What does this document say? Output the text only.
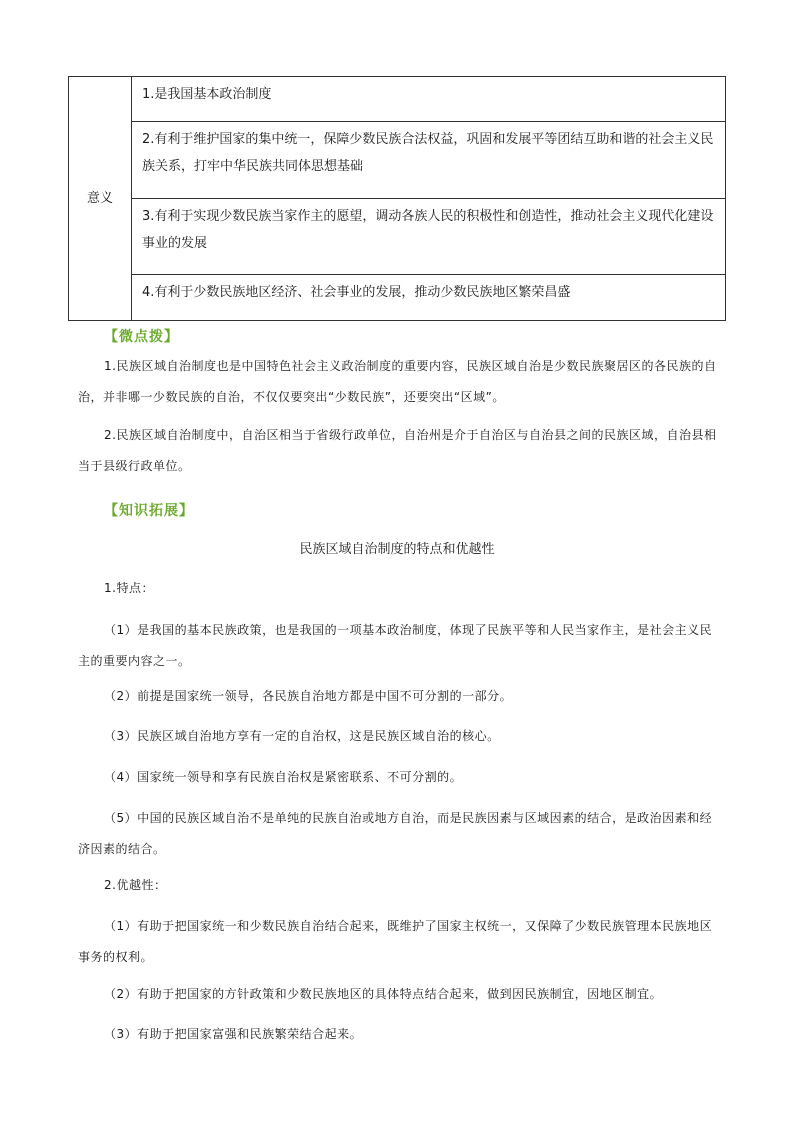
意义	1.是我国基本政治制度
2.有利于维护国家的集中统一，保障少数民族合法权益，巩固和发展平等团结互助和谐的社会主义民族关系，打牢中华民族共同体思想基础
3.有利于实现少数民族当家作主的愿望，调动各族人民的积极性和创造性，推动社会主义现代化建设事业的发展
4.有利于少数民族地区经济、社会事业的发展，推动少数民族地区繁荣昌盛
【微点拨】

1.民族区域自治制度也是中国特色社会主义政治制度的重要内容，民族区域自治是少数民族聚居区的各民族的自治，并非哪一少数民族的自治，不仅仅要突出“少数民族”，还要突出“区域”。

2.民族区域自治制度中，自治区相当于省级行政单位，自治州是介于自治区与自治县之间的民族区域，自治县相当于县级行政单位。

【知识拓展】
民族区域自治制度的特点和优越性

1.特点：

（1）是我国的基本民族政策，也是我国的一项基本政治制度，体现了民族平等和人民当家作主，是社会主义民主的重要内容之一。

（2）前提是国家统一领导，各民族自治地方都是中国不可分割的一部分。

（3）民族区域自治地方享有一定的自治权，这是民族区域自治的核心。

（4）国家统一领导和享有民族自治权是紧密联系、不可分割的。

（5）中国的民族区域自治不是单纯的民族自治或地方自治，而是民族因素与区域因素的结合，是政治因素和经济因素的结合。

2.优越性：

（1）有助于把国家统一和少数民族自治结合起来，既维护了国家主权统一，又保障了少数民族管理本民族地区事务的权利。

（2）有助于把国家的方针政策和少数民族地区的具体特点结合起来，做到因民族制宜，因地区制宜。

（3）有助于把国家富强和民族繁荣结合起来。
